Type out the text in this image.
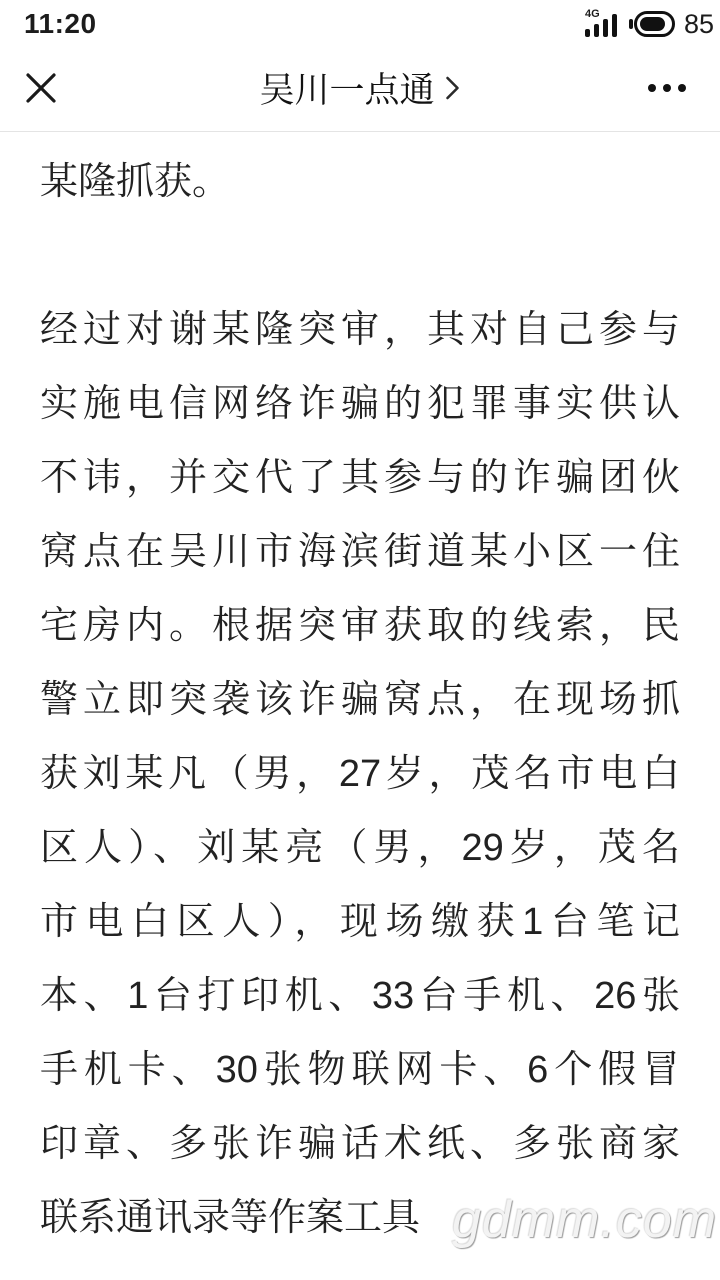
11:20	4G	85
吴川一点通
某隆抓获。
经过对谢某隆突审，其对自己参与
实施电信网络诈骗的犯罪事实供认
不讳，并交代了其参与的诈骗团伙
窝点在吴川市海滨街道某小区一住
宅房内。根据突审获取的线索，民
警立即突袭该诈骗窝点，在现场抓
获刘某凡（男，27岁，茂名市电白
区人）、刘某亮（男，29岁，茂名
市电白区人），现场缴获1台笔记
本、1台打印机、33台手机、26张
手机卡、30张物联网卡、6个假冒
印章、多张诈骗话术纸、多张商家
联系通讯录等作案工具 gdmm.com
